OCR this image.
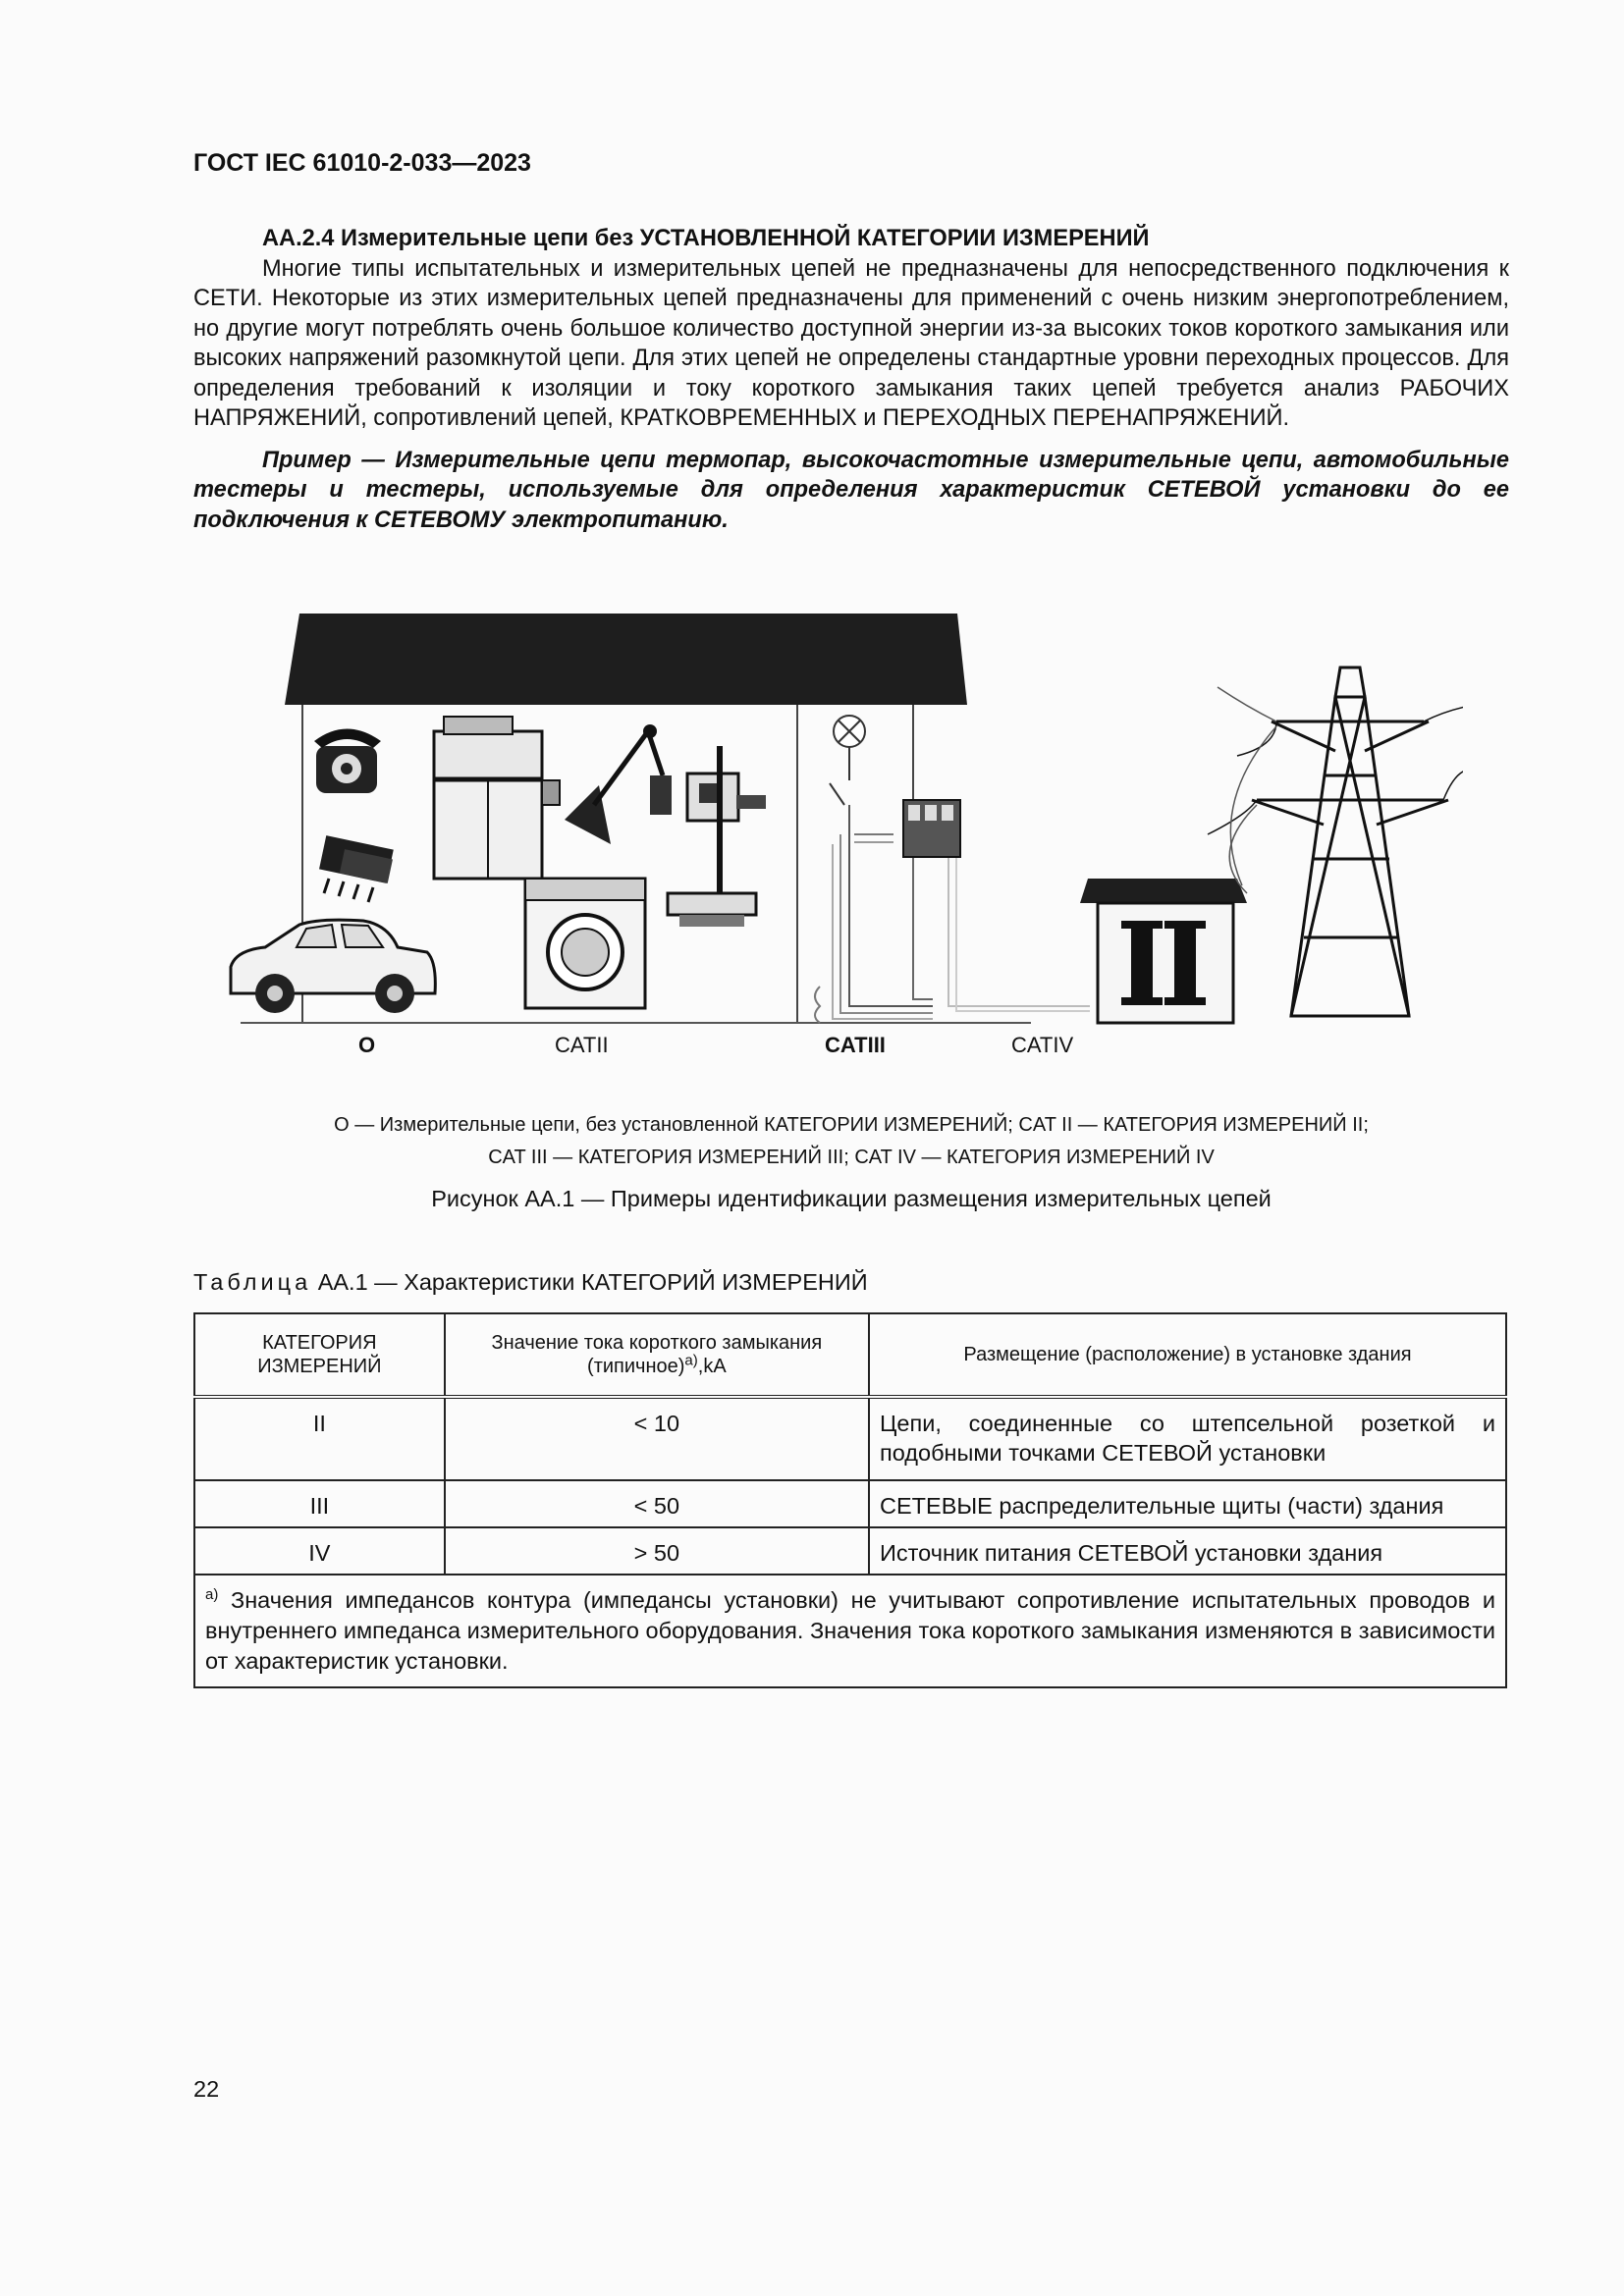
ГОСТ IEC 61010-2-033—2023

АА.2.4 Измерительные цепи без УСТАНОВЛЕННОЙ КАТЕГОРИИ ИЗМЕРЕНИЙ

Многие типы испытательных и измерительных цепей не предназначены для непосредственного подключения к СЕТИ. Некоторые из этих измерительных цепей предназначены для применений с очень низким энергопотреблением, но другие могут потреблять очень большое количество доступной энергии из-за высоких токов короткого замыкания или высоких напряжений разомкнутой цепи. Для этих цепей не определены стандартные уровни переходных процессов. Для определения требований к изоляции и току короткого замыкания таких цепей требуется анализ РАБОЧИХ НАПРЯЖЕНИЙ, сопротивлений цепей, КРАТКОВРЕМЕННЫХ и ПЕРЕХОДНЫХ ПЕРЕНАПРЯЖЕНИЙ.

Пример — Измерительные цепи термопар, высокочастотные измерительные цепи, автомобильные тестеры и тестеры, используемые для определения характеристик СЕТЕВОЙ установки до ее подключения к СЕТЕВОМУ электропитанию.

O	CATII	CATIII	CATIV

О — Измерительные цепи, без установленной КАТЕГОРИИ ИЗМЕРЕНИЙ; CAT II — КАТЕГОРИЯ ИЗМЕРЕНИЙ II;

CAT III — КАТЕГОРИЯ ИЗМЕРЕНИЙ III; CAT IV — КАТЕГОРИЯ ИЗМЕРЕНИЙ IV

Рисунок АА.1 — Примеры идентификации размещения измерительных цепей

Таблица АА.1 — Характеристики КАТЕГОРИЙ ИЗМЕРЕНИЙ

КАТЕГОРИЯ ИЗМЕРЕНИЙ	Значение тока короткого замыкания (типичное)$^{а)}$,kA	Размещение (расположение) в установке здания
II	< 10	Цепи, соединенные со штепсельной розеткой и подобными точками СЕТЕВОЙ установки
III	< 50	СЕТЕВЫЕ распределительные щиты (части) здания
IV	> 50	Источник питания СЕТЕВОЙ установки здания
$^{а)}$ Значения импедансов контура (импедансы установки) не учитывают сопротивление испытательных проводов и внутреннего импеданса измерительного оборудования. Значения тока короткого замыкания изменяются в зависимости от характеристик установки.		

22
